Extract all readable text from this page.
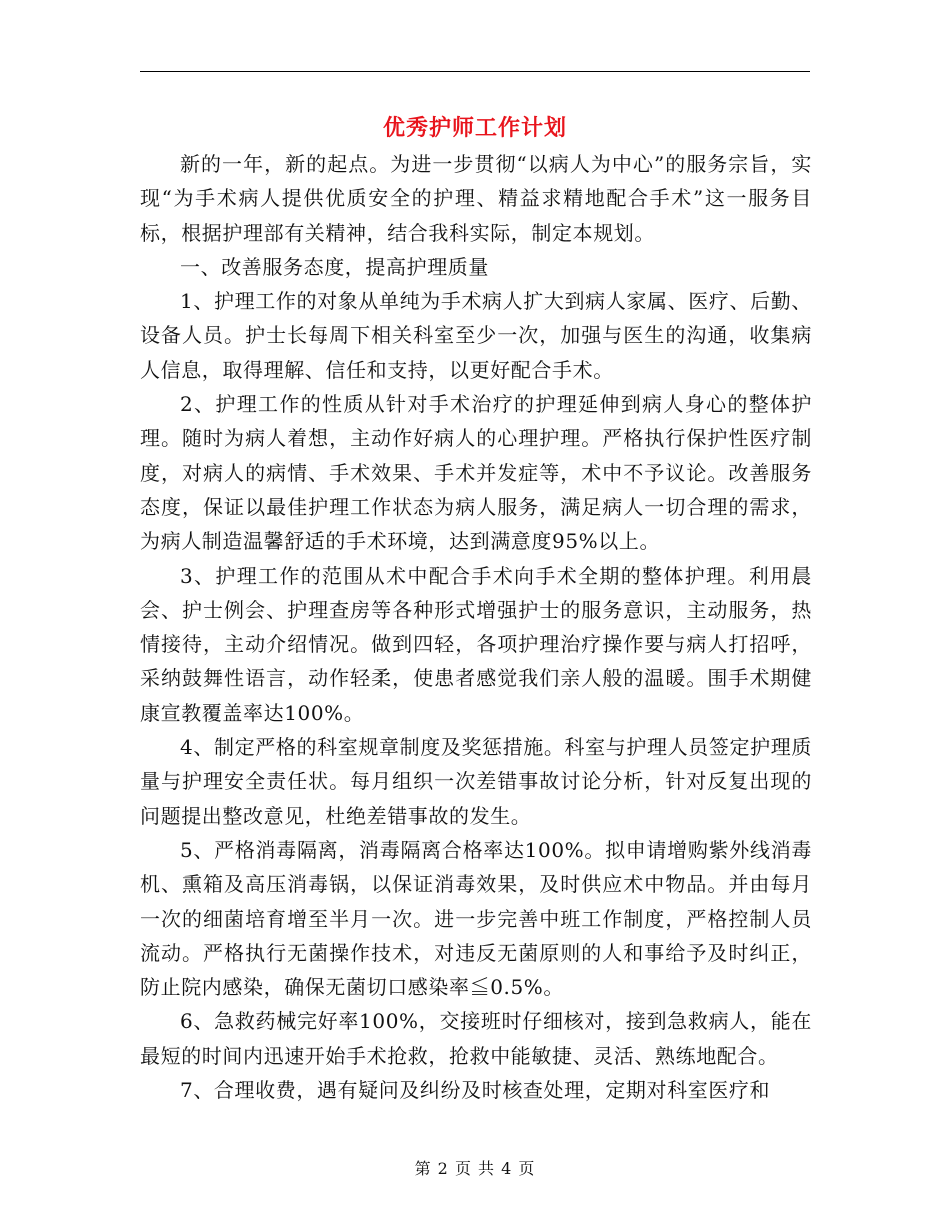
优秀护师工作计划

新的一年，新的起点。为进一步贯彻“以病人为中心”的服务宗旨，实现“为手术病人提供优质安全的护理、精益求精地配合手术”这一服务目标，根据护理部有关精神，结合我科实际，制定本规划。

一、改善服务态度，提高护理质量

1、护理工作的对象从单纯为手术病人扩大到病人家属、医疗、后勤、设备人员。护士长每周下相关科室至少一次，加强与医生的沟通，收集病人信息，取得理解、信任和支持，以更好配合手术。

2、护理工作的性质从针对手术治疗的护理延伸到病人身心的整体护理。随时为病人着想，主动作好病人的心理护理。严格执行保护性医疗制度，对病人的病情、手术效果、手术并发症等，术中不予议论。改善服务态度，保证以最佳护理工作状态为病人服务，满足病人一切合理的需求，为病人制造温馨舒适的手术环境，达到满意度95%以上。

3、护理工作的范围从术中配合手术向手术全期的整体护理。利用晨会、护士例会、护理查房等各种形式增强护士的服务意识，主动服务，热情接待，主动介绍情况。做到四轻，各项护理治疗操作要与病人打招呼，采纳鼓舞性语言，动作轻柔，使患者感觉我们亲人般的温暖。围手术期健康宣教覆盖率达100%。

4、制定严格的科室规章制度及奖惩措施。科室与护理人员签定护理质量与护理安全责任状。每月组织一次差错事故讨论分析，针对反复出现的问题提出整改意见，杜绝差错事故的发生。

5、严格消毒隔离，消毒隔离合格率达100%。拟申请增购紫外线消毒机、熏箱及高压消毒锅，以保证消毒效果，及时供应术中物品。并由每月一次的细菌培育增至半月一次。进一步完善中班工作制度，严格控制人员流动。严格执行无菌操作技术，对违反无菌原则的人和事给予及时纠正，防止院内感染，确保无菌切口感染率≦0.5%。

6、急救药械完好率100%，交接班时仔细核对，接到急救病人，能在最短的时间内迅速开始手术抢救，抢救中能敏捷、灵活、熟练地配合。

7、合理收费，遇有疑问及纠纷及时核查处理，定期对科室医疗和

第 2 页 共 4 页
